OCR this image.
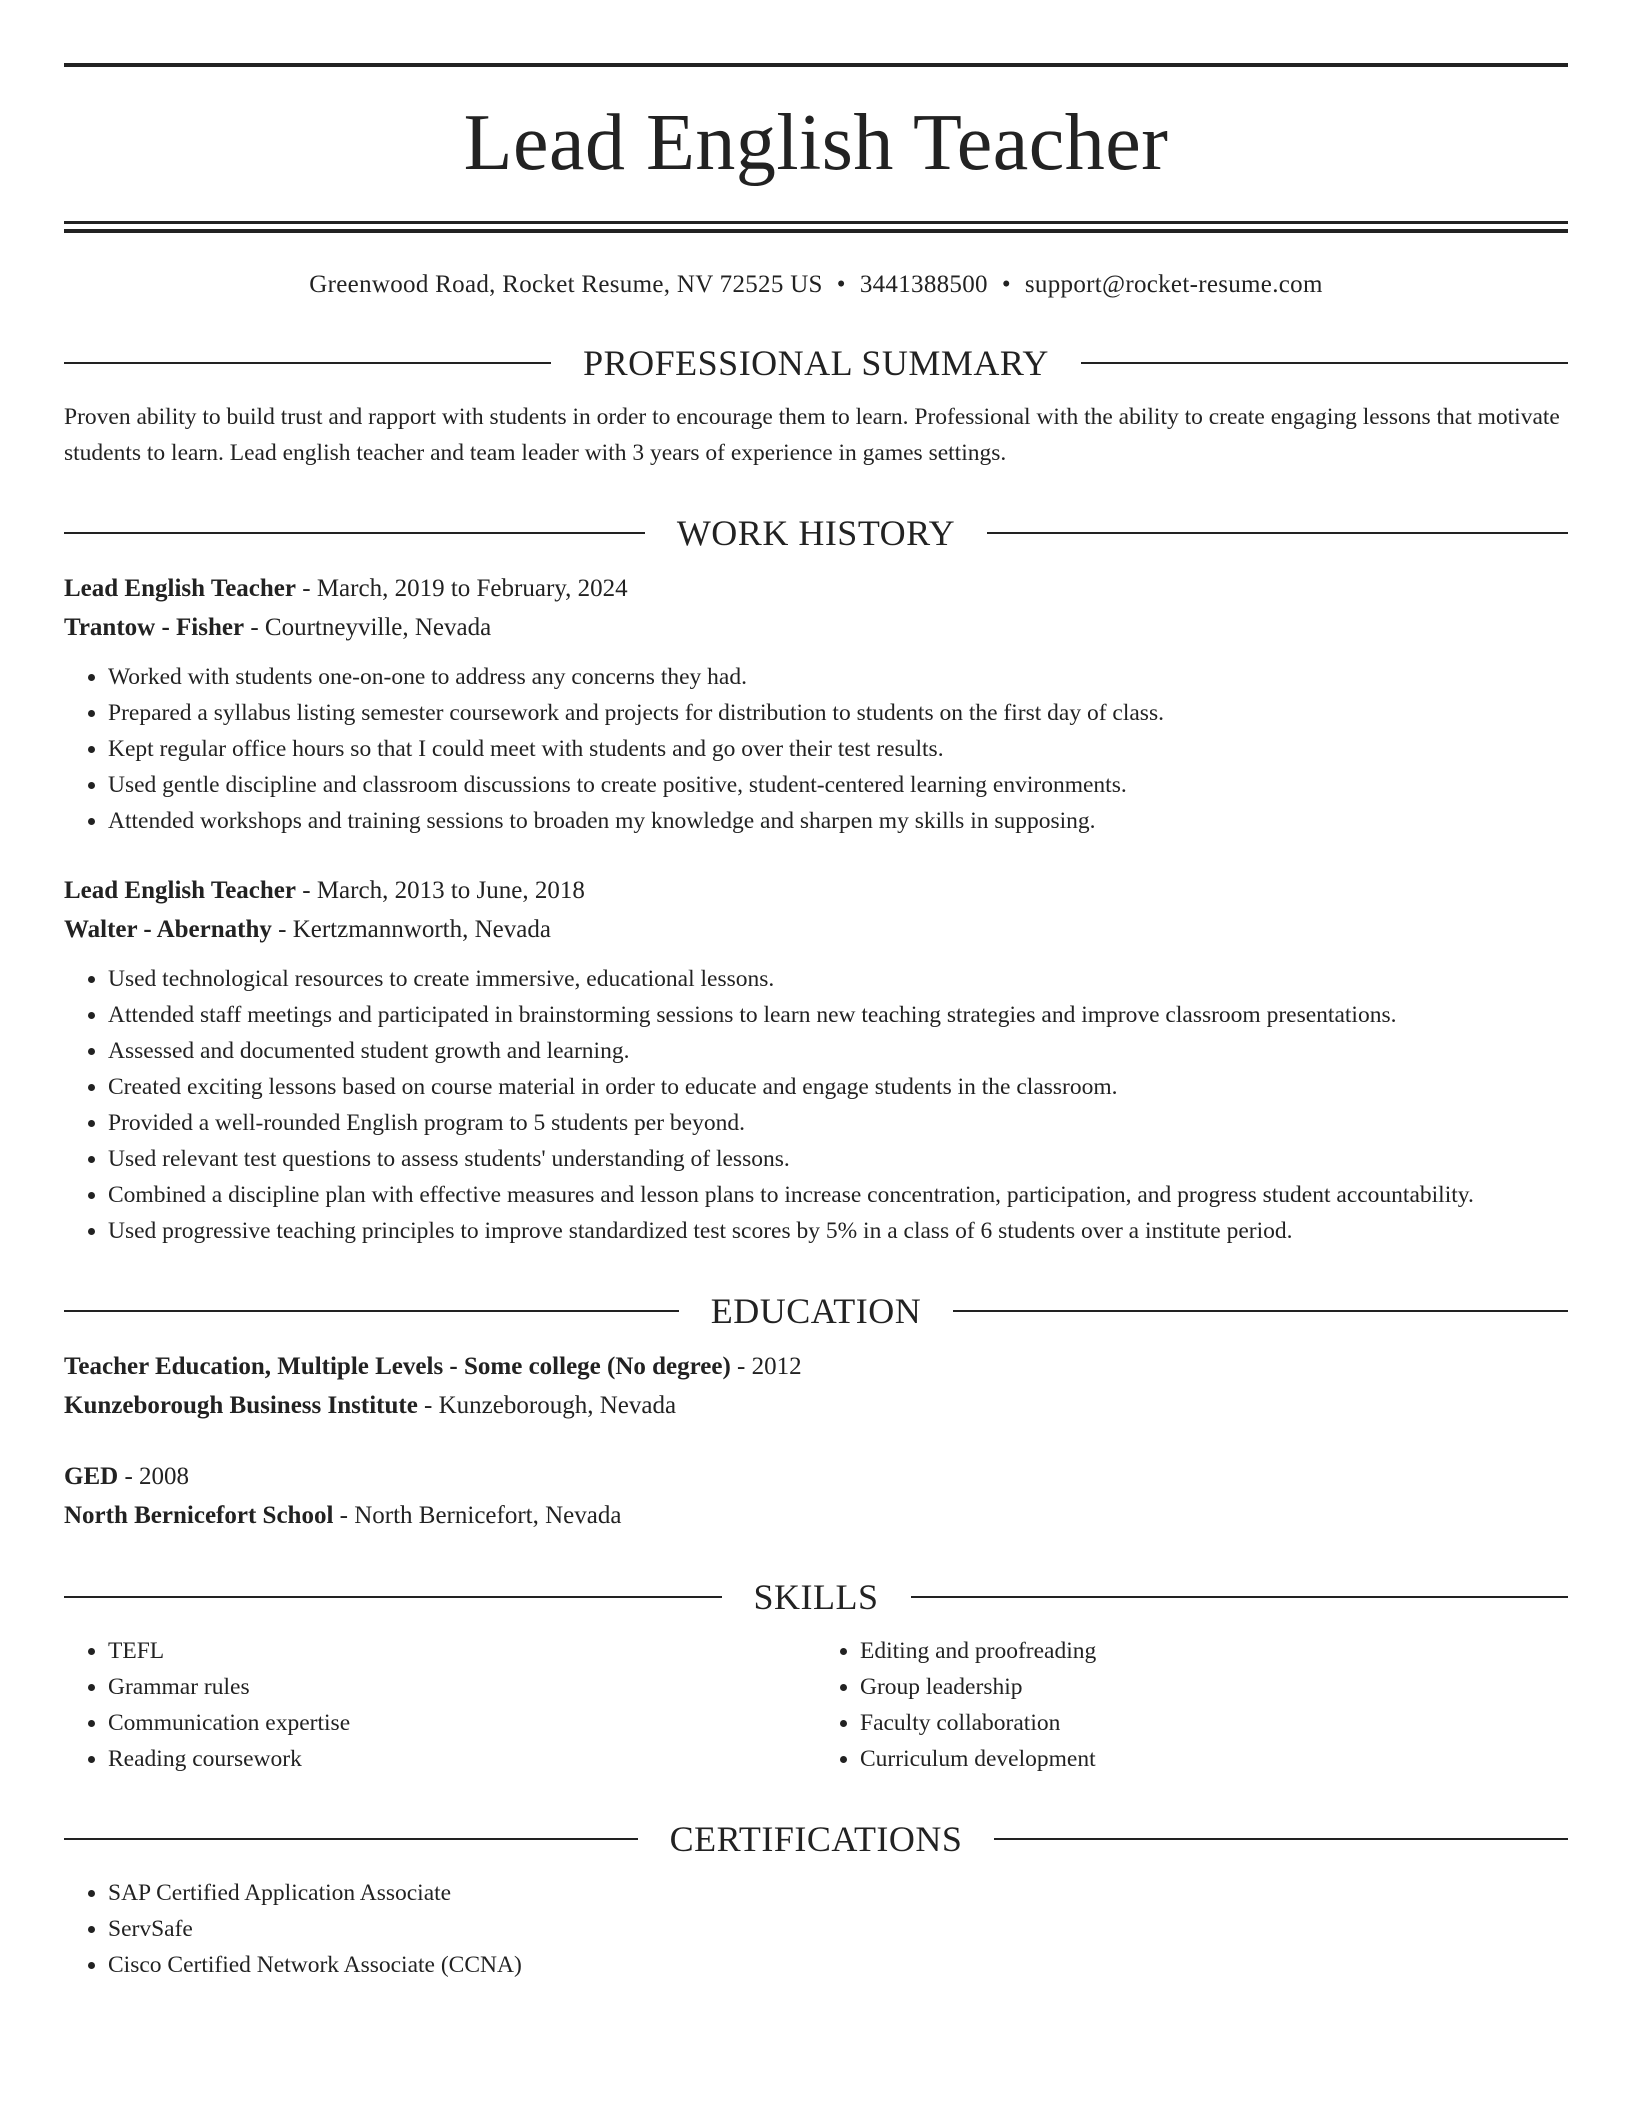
Lead English Teacher
Greenwood Road, Rocket Resume, NV 72525 US • 3441388500 • support@rocket-resume.com
PROFESSIONAL SUMMARY
Proven ability to build trust and rapport with students in order to encourage them to learn. Professional with the ability to create engaging lessons that motivate students to learn. Lead english teacher and team leader with 3 years of experience in games settings.
WORK HISTORY
Lead English Teacher - March, 2019 to February, 2024
Trantow - Fisher - Courtneyville, Nevada
• Worked with students one-on-one to address any concerns they had.
• Prepared a syllabus listing semester coursework and projects for distribution to students on the first day of class.
• Kept regular office hours so that I could meet with students and go over their test results.
• Used gentle discipline and classroom discussions to create positive, student-centered learning environments.
• Attended workshops and training sessions to broaden my knowledge and sharpen my skills in supposing.
Lead English Teacher - March, 2013 to June, 2018
Walter - Abernathy - Kertzmannworth, Nevada
• Used technological resources to create immersive, educational lessons.
• Attended staff meetings and participated in brainstorming sessions to learn new teaching strategies and improve classroom presentations.
• Assessed and documented student growth and learning.
• Created exciting lessons based on course material in order to educate and engage students in the classroom.
• Provided a well-rounded English program to 5 students per beyond.
• Used relevant test questions to assess students' understanding of lessons.
• Combined a discipline plan with effective measures and lesson plans to increase concentration, participation, and progress student accountability.
• Used progressive teaching principles to improve standardized test scores by 5% in a class of 6 students over a institute period.
EDUCATION
Teacher Education, Multiple Levels - Some college (No degree) - 2012
Kunzeborough Business Institute - Kunzeborough, Nevada
GED - 2008
North Bernicefort School - North Bernicefort, Nevada
SKILLS
• TEFL
• Grammar rules
• Communication expertise
• Reading coursework
• Editing and proofreading
• Group leadership
• Faculty collaboration
• Curriculum development
CERTIFICATIONS
• SAP Certified Application Associate
• ServSafe
• Cisco Certified Network Associate (CCNA)
